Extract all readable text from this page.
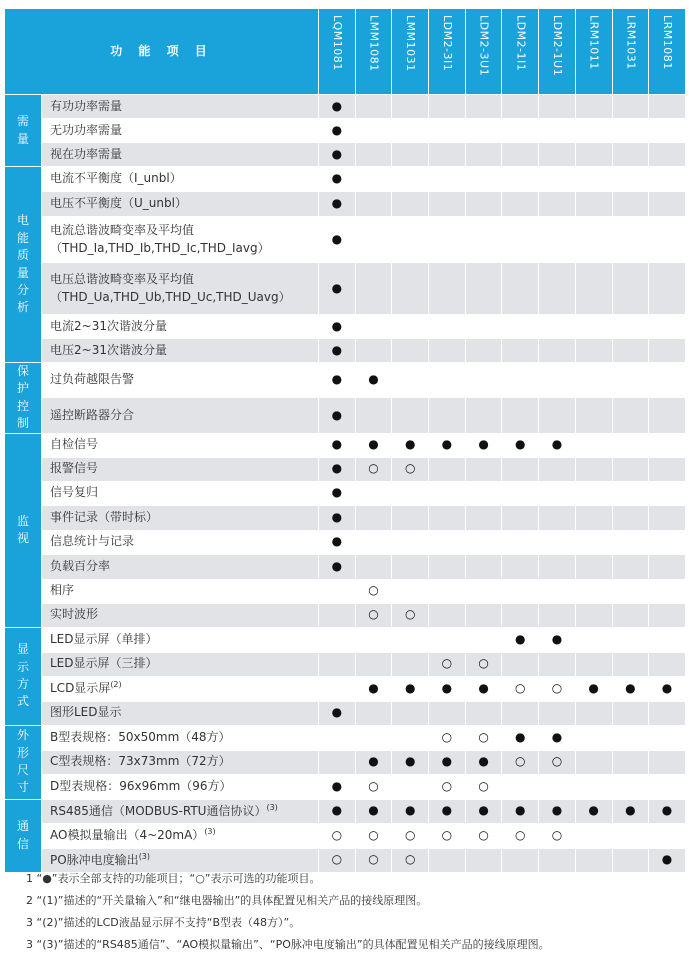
功 能 项 目		LQM1081	LMM1081	LMM1031	LDM2-3I1	LDM2-3U1	LDM2-1I1	LDM2-1U1	LRM1011	LRM1031	LRM1081
需量	有功功率需量	●									
	无功功率需量	●									
	视在功率需量	●									
电能质量分析	电流不平衡度（I_unbl）	●									
	电压不平衡度（U_unbl）	●									
	电流总谐波畸变率及平均值
（THD_Ia,THD_Ib,THD_Ic,THD_Iavg）	●									
	电压总谐波畸变率及平均值
（THD_Ua,THD_Ub,THD_Uc,THD_Uavg）	●									
	电流2~31次谐波分量	●									
	电压2~31次谐波分量	●									
保护控制	过负荷越限告警	●	●								
	遥控断路器分合	●									
监视	自检信号	●	●	●	●	●	●	●			
	报警信号	●	○	○							
	信号复归	●									
	事件记录（带时标）	●									
	信息统计与记录	●									
	负载百分率	●									
	相序		○								
	实时波形		○	○							
显示方式	LED显示屏（单排）						●	●			
	LED显示屏（三排）				○	○					
	LCD显示屏$^{(2)}$		●	●	●	●	○	○	●	●	●
	图形LED显示	●									
外形尺寸	B型表规格：50x50mm（48方）				○	○	●	●			
	C型表规格：73x73mm（72方）		●	●	●	●	○	○			
	D型表规格：96x96mm（96方）	●	○		○	○					
通信	RS485通信（MODBUS-RTU通信协议）$^{(3)}$	●	●	●	●	●	●	●	●	●	●
	AO模拟量输出（4~20mA）$^{(3)}$	○	○	○	○	○	○	○			
	PO脉冲电度输出$^{(3)}$	○	○	○							●
1 “●”表示全部支持的功能项目；“○”表示可选的功能项目。
2 “(1)”描述的“开关量输入”和“继电器输出”的具体配置见相关产品的接线原理图。
3 “(2)”描述的LCD液晶显示屏不支持“B型表（48方）”。
3 “(3)”描述的“RS485通信”、“AO模拟量输出”、“PO脉冲电度输出”的具体配置见相关产品的接线原理图。
